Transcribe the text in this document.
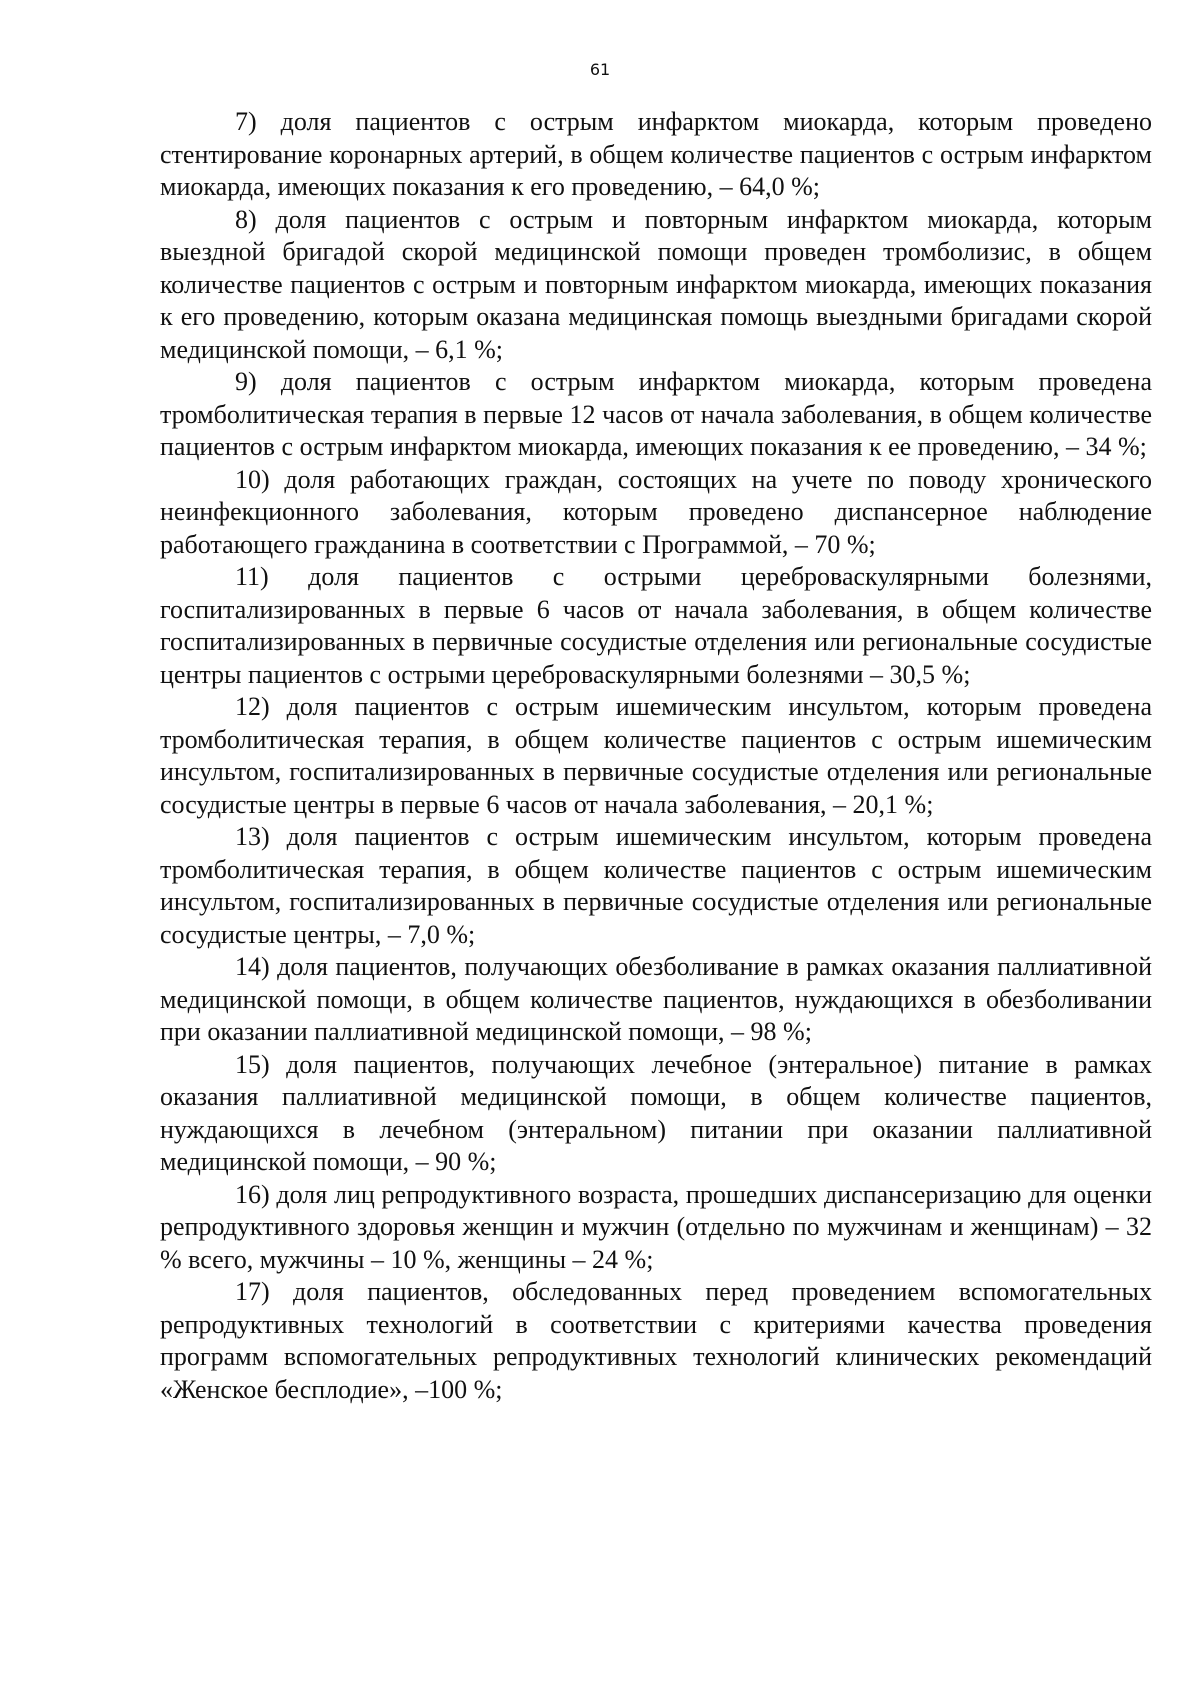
61

7) доля пациентов с острым инфарктом миокарда, которым проведено стентирование коронарных артерий, в общем количестве пациентов с острым инфарктом миокарда, имеющих показания к его проведению, – 64,0 %;

8) доля пациентов с острым и повторным инфарктом миокарда, которым выездной бригадой скорой медицинской помощи проведен тромболизис, в общем количестве пациентов с острым и повторным инфарктом миокарда, имеющих показания к его проведению, которым оказана медицинская помощь выездными бригадами скорой медицинской помощи, – 6,1 %;

9) доля пациентов с острым инфарктом миокарда, которым проведена тромболитическая терапия в первые 12 часов от начала заболевания, в общем количестве пациентов с острым инфарктом миокарда, имеющих показания к ее проведению, – 34 %;

10) доля работающих граждан, состоящих на учете по поводу хронического неинфекционного заболевания, которым проведено диспансерное наблюдение работающего гражданина в соответствии с Программой, – 70 %;

11) доля пациентов с острыми цереброваскулярными болезнями, госпитализированных в первые 6 часов от начала заболевания, в общем количестве госпитализированных в первичные сосудистые отделения или региональные сосудистые центры пациентов с острыми цереброваскулярными болезнями – 30,5 %;

12) доля пациентов с острым ишемическим инсультом, которым проведена тромболитическая терапия, в общем количестве пациентов с острым ишемическим инсультом, госпитализированных в первичные сосудистые отделения или региональные сосудистые центры в первые 6 часов от начала заболевания, – 20,1 %;

13) доля пациентов с острым ишемическим инсультом, которым проведена тромболитическая терапия, в общем количестве пациентов с острым ишемическим инсультом, госпитализированных в первичные сосудистые отделения или региональные сосудистые центры, – 7,0 %;

14) доля пациентов, получающих обезболивание в рамках оказания паллиативной медицинской помощи, в общем количестве пациентов, нуждающихся в обезболивании при оказании паллиативной медицинской помощи, – 98 %;

15) доля пациентов, получающих лечебное (энтеральное) питание в рамках оказания паллиативной медицинской помощи, в общем количестве пациентов, нуждающихся в лечебном (энтеральном) питании при оказании паллиативной медицинской помощи, – 90 %;

16) доля лиц репродуктивного возраста, прошедших диспансеризацию для оценки репродуктивного здоровья женщин и мужчин (отдельно по мужчинам и женщинам) – 32 % всего, мужчины – 10 %, женщины – 24 %;

17) доля пациентов, обследованных перед проведением вспомогательных репродуктивных технологий в соответствии с критериями качества проведения программ вспомогательных репродуктивных технологий клинических рекомендаций «Женское бесплодие», –100 %;
